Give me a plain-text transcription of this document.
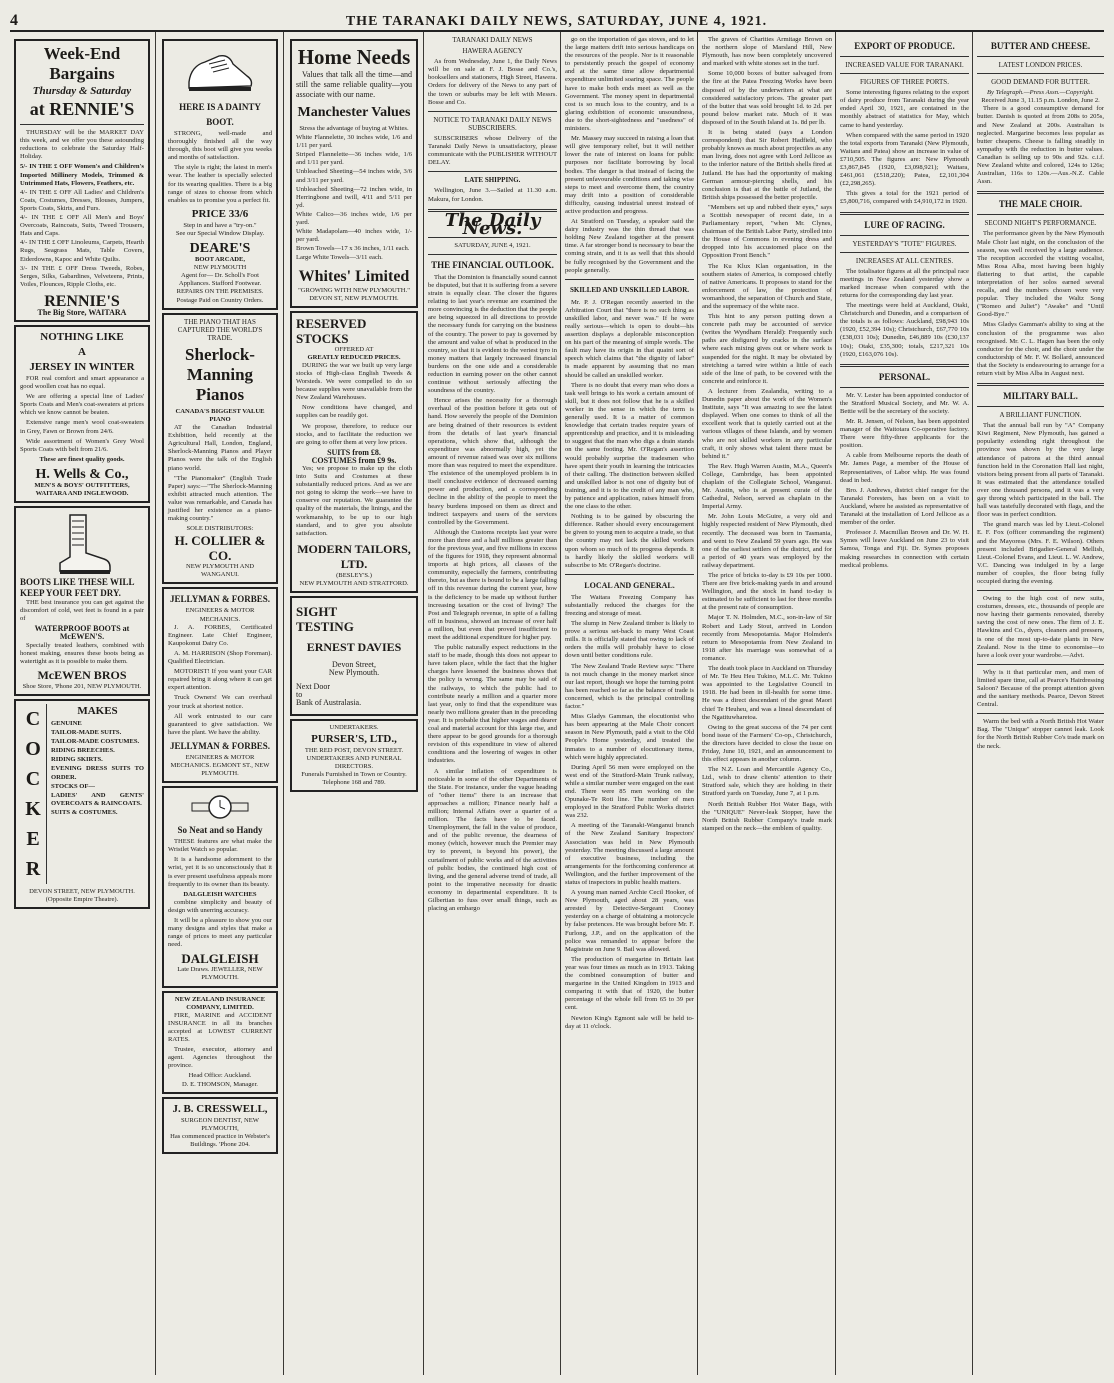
4	THE TARANAKI DAILY NEWS, SATURDAY, JUNE 4, 1921.
Week-End
Bargains
Thursday & Saturday
at RENNIE'S
THURSDAY will be the MARKET DAY this week, and we offer you these astounding reductions to celebrate the Saturday Half-Holiday.
5/- IN THE £ OFF Women's and Children's Imported Millinery Models, Trimmed & Untrimmed Hats, Flowers, Feathers, etc.
4/- IN THE £ OFF All Ladies' and Children's Coats, Costumes, Dresses, Blouses, Jumpers, Sports Coats, Skirts, and Furs.
4/- IN THE £ OFF All Men's and Boys' Overcoats, Raincoats, Suits, Tweed Trousers, Hats and Caps.
4/- IN THE £ OFF Linoleums, Carpets, Hearth Rugs, Seagrass Mats, Table Covers, Eiderdowns, Kapoc and White Quilts.
3/- IN THE £ OFF Dress Tweeds, Robes, Serges, Silks, Gabardines, Velveteens, Prints, Voiles, Flounces, Ripple Cloths, etc.
RENNIE'S
The Big Store, WAITARA
NOTHING LIKE
A
JERSEY IN WINTER
FOR real comfort and smart appearance a good woollen coat has no equal.
We are offering a special line of Ladies' Sports Coats and Men's coat-sweaters at prices which we know cannot be beaten.
Extensive range men's wool coat-sweaters in Grey, Fawn or Brown from 24/6.
Wide assortment of Women's Grey Wool Sports Coats with belt from 21/6.
These are finest quality goods.
H. Wells & Co.,
MEN'S & BOYS' OUTFITTERS, WAITARA AND INGLEWOOD.
BOOTS LIKE THESE WILL KEEP YOUR FEET DRY.
THE best insurance you can get against the discomfort of cold, wet feet is found in a pair of
WATERPROOF BOOTS at McEWEN'S.
Specially treated leathers, combined with honest making, ensures these boots being as watertight as it is possible to make them.
McEWEN BROS
Shoe Store, 'Phone 201, NEW PLYMOUTH.
C
O
C
K
E
R
MAKES
GENUINE
TAILOR-MADE SUITS.
TAILOR-MADE COSTUMES.
RIDING BREECHES.
RIDING SKIRTS.
EVENING DRESS SUITS TO ORDER.
STOCKS OF—
LADIES' AND GENTS' OVERCOATS & RAINCOATS.
SUITS & COSTUMES.
DEVON STREET, NEW PLYMOUTH. (Opposite Empire Theatre).
HERE IS A DAINTY BOOT.
STRONG, well-made and thoroughly finished all the way through, this boot will give you weeks and months of satisfaction.
The style is right; the latest in men's wear. The leather is specially selected for its wearing qualities. There is a big range of sizes to choose from which enables us to promise you a perfect fit.
PRICE 33/6
Step in and have a "try-on."
See our Special Window Display.
DEARE'S
BOOT ARCADE,
NEW PLYMOUTH
Agent for— Dr. Scholl's Foot Appliances. Stafford Footwear.
REPAIRS ON THE PREMISES. Postage Paid on Country Orders.
THE PIANO THAT HAS CAPTURED THE WORLD'S TRADE.
Sherlock-Manning Pianos
CANADA'S BIGGEST VALUE PIANO
AT the Canadian Industrial Exhibition, held recently at the Agricultural Hall, London, England, Sherlock-Manning Pianos and Player Pianos were the talk of the English piano world.
"The Pianomaker" (English Trade Paper) says:—"The Sherlock-Manning exhibit attracted much attention. The value was remarkable, and Canada has justified her existence as a piano-making country."
SOLE DISTRIBUTORS:
H. COLLIER & CO.
NEW PLYMOUTH AND WANGANUI.
JELLYMAN & FORBES.
ENGINEERS & MOTOR MECHANICS.
J. A. FORBES, Certificated Engineer. Late Chief Engineer, Kaupokonui Dairy Co.
A. M. HARRISON (Shop Foreman). Qualified Electrician.
MOTORIST! If you want your CAR repaired bring it along where it can get expert attention.
Truck Owners! We can overhaul your truck at shortest notice.
All work entrusted to our care guaranteed to give satisfaction. We have the plant. We have the ability.
JELLYMAN & FORBES.
ENGINEERS & MOTOR MECHANICS. EGMONT ST., NEW PLYMOUTH.
So Neat and so Handy
THESE features are what make the Wristlet Watch so popular.
It is a handsome adornment to the wrist, yet it is so unconsciously that it is ever present usefulness appeals more frequently to its owner than its beauty.
DALGLEISH WATCHES
combine simplicity and beauty of design with unerring accuracy.
It will be a pleasure to show you our many designs and styles that make a range of prices to meet any particular need.
DALGLEISH
Late Draws. JEWELLER, NEW PLYMOUTH.
NEW ZEALAND INSURANCE COMPANY, LIMITED.
FIRE, MARINE and ACCIDENT INSURANCE in all its branches accepted at LOWEST CURRENT RATES.
Trustee, executor, attorney and agent. Agencies throughout the province.
Head Office: Auckland.
D. E. THOMSON, Manager.
J. B. CRESSWELL,
SURGEON DENTIST, NEW PLYMOUTH,
Has commenced practice in Webster's Buildings. 'Phone 204.
Home Needs
Values that talk all the time—and still the same reliable quality—you associate with our name.
Manchester Values
Stress the advantage of buying at Whites.
White Flannelette, 30 inches wide, 1/6 and 1/11 per yard.
Striped Flannelette—36 inches wide, 1/6 and 1/11 per yard.
Unbleached Sheeting—54 inches wide, 3/6 and 3/11 per yard.
Unbleached Sheeting—72 inches wide, in Herringbone and twill, 4/11 and 5/11 per yd.
White Calico—36 inches wide, 1/6 per yard.
White Madapolam—40 inches wide, 1/- per yard.
Brown Towels—17 x 36 inches, 1/11 each.
Large White Towels—3/11 each.
Whites' Limited
"GROWING WITH NEW PLYMOUTH."
DEVON ST, NEW PLYMOUTH.
RESERVED
STOCKS
OFFERED AT
GREATLY REDUCED PRICES.
DURING the war we built up very large stocks of High-class English Tweeds & Worsteds. We were compelled to do so because supplies were unavailable from the New Zealand Warehouses.
Now conditions have changed, and supplies can be readily got.
We propose, therefore, to reduce our stocks, and to facilitate the reduction we are going to offer them at very low prices.
SUITS from £8.
COSTUMES from £9 9s.
Yes; we propose to make up the cloth into Suits and Costumes at these substantially reduced prices. And as we are not going to skimp the work—we have to conserve our reputation. We guarantee the quality of the materials, the linings, and the workmanship, to be up to our high standard, and to give you absolute satisfaction.
MODERN TAILORS, LTD.
(BESLEY'S.)
NEW PLYMOUTH AND STRATFORD.
SIGHT
TESTING
ERNEST DAVIES
Devon Street,
New Plymouth.
Next Door
to
Bank of Australasia.
UNDERTAKERS.
PURSER'S, LTD.,
THE RED POST, DEVON STREET.
UNDERTAKERS AND FUNERAL DIRECTORS.
Funerals Furnished in Town or Country. Telephone 168 and 789.
TARANAKI DAILY NEWS
HAWERA AGENCY
As from Wednesday, June 1, the Daily News will be on sale at F. J. Bosse and Co.'s, booksellers and stationers, High Street, Hawera. Orders for delivery of the News to any part of the town or suburbs may be left with Messrs. Bosse and Co.
NOTICE TO TARANAKI DAILY NEWS SUBSCRIBERS.
SUBSCRIBERS whose Delivery of the Taranaki Daily News is unsatisfactory, please communicate with the PUBLISHER WITHOUT DELAY.
LATE SHIPPING.
Wellington, June 3.—Sailed at 11.30 a.m. Makura, for London.
The Daily News.
SATURDAY, JUNE 4, 1921.
THE FINANCIAL OUTLOOK.
That the Dominion is financially sound cannot be disputed, but that it is suffering from a severe strain is equally clear. The closer the figures relating to last year's revenue are examined the more convincing is the deduction that the people are being squeezed in all directions to provide the necessary funds for carrying on the business of the country. The power to pay is governed by the amount and value of what is produced in the country, so that it is evident to the veriest tyro in money matters that largely increased financial burdens on the one side and a considerable reduction in earning power on the other cannot continue without seriously affecting the soundness of the country.
Hence arises the necessity for a thorough overhaul of the position before it gets out of hand. How severely the people of the Dominion are being drained of their resources is evident from the details of last year's financial operations, which show that, although the expenditure was abnormally high, yet the amount of revenue raised was over six millions more than was required to meet the expenditure. The existence of the unemployed problem is in itself conclusive evidence of decreased earning power and production, and a corresponding decline in the ability of the people to meet the heavy burdens imposed on them as direct and indirect taxpayers and users of the services controlled by the Government.
Although the Customs receipts last year were more than three and a half millions greater than for the previous year, and five millions in excess of the figures for 1918, they represent abnormal imports at high prices, all classes of the community, especially the farmers, contributing thereto, but as there is bound to be a large falling off in this revenue during the current year, how is the deficiency to be made up without further increasing taxation or the cost of living? The Post and Telegraph revenue, in spite of a falling off in business, showed an increase of over half a million, but even that proved insufficient to meet the additional expenditure for higher pay.
The public naturally expect reductions in the staff to be made, though this does not appear to have taken place, while the fact that the higher charges have lessened the business shows that the policy is wrong. The same may be said of the railways, to which the public had to contribute nearly a million and a quarter more last year, only to find that the expenditure was nearly two millions greater than in the preceding year. It is probable that higher wages and dearer coal and material account for this large rise, and there appear to be good grounds for a thorough revision of this expenditure in view of altered conditions and the lowering of wages in other industries.
A similar inflation of expenditure is noticeable in some of the other Departments of the State. For instance, under the vague heading of "other items" there is an increase that approaches a million; Finance nearly half a million; Internal Affairs over a quarter of a million. The facts have to be faced. Unemployment, the fall in the value of produce, and of the public revenue, the dearness of money (which, however much the Premier may try to prevent, is beyond his power), the curtailment of public works and of the activities of public bodies, the continued high cost of living, and the general adverse trend of trade, all point to the imperative necessity for drastic economy in departmental expenditure. It is Gilbertian to fuss over small things, such as placing an embargo
go on the importation of gas stoves, and to let the large matters drift into serious handicaps on the resources of the people. Nor is it reasonable to persistently preach the gospel of economy and at the same time allow departmental expenditure unlimited soaring space. The people have to make both ends meet as well as the Government. The money spent in departmental cost is so much loss to the country, and is a glaring exhibition of economic unsoundness, due to the short-sightedness and "usedness" of ministers.
Mr. Massey may succeed in raising a loan that will give temporary relief, but it will neither lower the rate of interest on loans for public purposes nor facilitate borrowing by local bodies. The danger is that instead of facing the present unfavourable conditions and taking wise steps to meet and overcome them, the country may drift into a position of considerable difficulty, causing industrial unrest instead of active production and progress.
At Stratford on Tuesday, a speaker said the dairy industry was the thin thread that was holding New Zealand together at the present time. A far stronger bond is necessary to bear the coming strain, and it is as well that this should be fully recognised by the Government and the people generally.
SKILLED AND UNSKILLED LABOR.
Mr. P. J. O'Regan recently asserted in the Arbitration Court that "there is no such thing as unskilled labor, and never was." If he were really serious—which is open to doubt—his assertion displays a deplorable misconception on his part of the meaning of simple words. The fault may have its origin in that quaint sort of speech which claims that "the dignity of labor" is made apparent by assuming that no man should be called an unskilled worker.
There is no doubt that every man who does a task well brings to his work a certain amount of skill, but it does not follow that he is a skilled worker in the sense in which the term is generally used. It is a matter of common knowledge that certain trades require years of apprenticeship and practice, and it is misleading to suggest that the man who digs a drain stands on the same footing. Mr. O'Regan's assertion would probably surprise the tradesmen who have spent their youth in learning the intricacies of their calling. The distinction between skilled and unskilled labor is not one of dignity but of training, and it is to the credit of any man who, by patience and application, raises himself from the one class to the other.
Nothing is to be gained by obscuring the difference. Rather should every encouragement be given to young men to acquire a trade, so that the country may not lack the skilled workers upon whom so much of its progress depends. It is hardly likely the skilled workers will subscribe to Mr. O'Regan's doctrine.
LOCAL AND GENERAL.
The Waitara Freezing Company has substantially reduced the charges for the freezing and storage of meat.
The slump in New Zealand timber is likely to prove a serious set-back to many West Coast mills. It is officially stated that owing to lack of orders the mills will probably have to close down until better conditions rule.
The New Zealand Trade Review says: "There is not much change in the money market since our last report, though we hope the turning point has been reached so far as the balance of trade is concerned, which is the principal controlling factor."
Miss Gladys Gamman, the elocutionist who has been appearing at the Male Choir concert season in New Plymouth, paid a visit to the Old People's Home yesterday, and treated the inmates to a number of elocutionary items, which were highly appreciated.
During April 56 men were employed on the west end of the Stratford-Main Trunk railway, while a similar number were engaged on the east end. There were 85 men working on the Opunake-Te Roti line. The number of men employed in the Stratford Public Works district was 232.
A meeting of the Taranaki-Wanganui branch of the New Zealand Sanitary Inspectors' Association was held in New Plymouth yesterday. The meeting discussed a large amount of executive business, including the arrangements for the forthcoming conference at Wellington, and the further improvement of the status of inspectors in public health matters.
A young man named Archie Cecil Hooker, of New Plymouth, aged about 28 years, was arrested by Detective-Sergeant Cooney yesterday on a charge of obtaining a motorcycle by false pretences. He was brought before Mr. F. Furlong, J.P., and on the application of the police was remanded to appear before the Magistrate on June 9. Bail was allowed.
The production of margarine in Britain last year was four times as much as in 1913. Taking the combined consumption of butter and margarine in the United Kingdom in 1913 and comparing it with that of 1920, the butter percentage of the whole fell from 65 to 39 per cent.
Newton King's Egmont sale will be held to-day at 11 o'clock.
The graves of Charities Armitage Brown on the northern slope of Marsland Hill, New Plymouth, has now been completely uncovered and marked with white stones set in the turf.
Some 10,000 boxes of butter salvaged from the fire at the Patea Freezing Works have been disposed of by the underwriters at what are considered satisfactory prices. The greater part of the butter that was sold brought 1d. to 2d. per pound below market rate. Much of it was disposed of in the South Island at 1s. 8d per lb.
It is being stated (says a London correspondent) that Sir Robert Hadfield, who probably knows as much about projectiles as any man living, does not agree with Lord Jellicoe as to the inferior nature of the British shells fired at Jutland. He has had the opportunity of making German armour-piercing shells, and his conclusion is that at the battle of Jutland, the British ships possessed the better projectile.
"Members set up and rubbed their eyes," says a Scottish newspaper of recent date, in a Parliamentary report, "when Mr. Clynes, chairman of the British Labor Party, strolled into the House of Commons in evening dress and dropped into his accustomed place on the Opposition Front Bench."
The Ku Klux Klan organisation, in the southern states of America, is composed chiefly of native Americans. It proposes to stand for the enforcement of law, the protection of womanhood, the separation of Church and State, and the supremacy of the white race.
This hint to any person putting down a concrete path may be accounted of service (writes the Wyndham Herald): Frequently such paths are disfigured by cracks in the surface where each mixing gives out or where work is suspended for the night. It may be obviated by stretching a tarred wire within a little of each side of the line of path, to be covered with the concrete and reinforce it.
A lecturer from Zealandia, writing to a Dunedin paper about the work of the Women's Institute, says "It was amazing to see the latest displayed. When one comes to think of all the excellent work that is quietly carried out at the various villages of these Islands, and by women who are not skilled workers in any particular craft, it only shows what talent there must be behind it."
The Rev. Hugh Warren Austin, M.A., Queen's College, Cambridge, has been appointed chaplain of the Collegiate School, Wanganui. Mr. Austin, who is at present curate of the Cathedral, Nelson, served as chaplain in the Imperial Army.
Mr. John Louis McGuire, a very old and highly respected resident of New Plymouth, died recently. The deceased was born in Tasmania, and went to New Zealand 59 years ago. He was one of the earliest settlers of the district, and for a period of 40 years was employed by the railway department.
The price of bricks to-day is £9 10s per 1000. There are five brick-making yards in and around Wellington, and the stock in hand to-day is estimated to be sufficient to last for three months at the present rate of consumption.
Major T. N. Holmden, M.C., son-in-law of Sir Robert and Lady Stout, arrived in London recently from Mesopotamia. Major Holmden's return to Mesopotamia from New Zealand in 1918 after his marriage was somewhat of a romance.
The death took place in Auckland on Thursday of Mr. Te Heu Heu Tukino, M.L.C. Mr. Tukino was appointed to the Legislative Council in 1918. He had been in ill-health for some time. He was a direct descendant of the great Maori chief Te Heuheu, and was a lineal descendant of the Ngatituwharetoa.
Owing to the great success of the 74 per cent bond issue of the Farmers' Co-op., Christchurch, the directors have decided to close the issue on Friday, June 10, 1921, and an announcement to this effect appears in another column.
The N.Z. Loan and Mercantile Agency Co., Ltd., wish to draw clients' attention to their Stratford sale, which they are holding in their Stratford yards on Tuesday, June 7, at 1 p.m.
North British Rubber Hot Water Bags, with the "UNIQUE" Never-leak Stopper, have the North British Rubber Company's trade mark stamped on the neck—the emblem of quality.
EXPORT OF PRODUCE.
INCREASED VALUE FOR TARANAKI.
FIGURES OF THREE PORTS.
Some interesting figures relating to the export of dairy produce from Taranaki during the year ended April 30, 1921, are contained in the monthly abstract of statistics for May, which came to hand yesterday.
When compared with the same period in 1920 the total exports from Taranaki (New Plymouth, Waitara and Patea) show an increase in value of £710,505. The figures are: New Plymouth £3,867,845 (1920, £3,098,921); Waitara, £461,061 (£518,220); Patea, £2,101,304 (£2,298,265).
This gives a total for the 1921 period of £5,800,716, compared with £4,910,172 in 1920.
LURE OF RACING.
YESTERDAY'S "TOTE" FIGURES.
INCREASES AT ALL CENTRES.
The totalisator figures at all the principal race meetings in New Zealand yesterday show a marked increase when compared with the returns for the corresponding day last year.
The meetings were held at Auckland, Otaki, Christchurch and Dunedin, and a comparison of the totals is as follows: Auckland, £98,943 10s (1920, £52,394 10s); Christchurch, £67,770 10s (£38,031 10s); Dunedin, £46,889 10s (£30,137 10s); Otaki, £35,300; totals, £217,321 10s (1920, £163,076 10s).
PERSONAL.
Mr. V. Lester has been appointed conductor of the Stratford Musical Society, and Mr. W. A. Bettie will be the secretary of the society.
Mr. R. Jensen, of Nelson, has been appointed manager of the Waitotara Co-operative factory. There were fifty-three applicants for the position.
A cable from Melbourne reports the death of Mr. James Page, a member of the House of Representatives, of Labor whip. He was found dead in bed.
Bro. J. Andrews, district chief ranger for the Taranaki Foresters, has been on a visit to Auckland, where he assisted as representative of Taranaki at the installation of Lord Jellicoe as a member of the order.
Professor J. Macmillan Brown and Dr. W. H. Symes will leave Auckland on June 23 to visit Samoa, Tonga and Fiji. Dr. Symes proposes making researches in connection with certain medical problems.
BUTTER AND CHEESE.
LATEST LONDON PRICES.
GOOD DEMAND FOR BUTTER.
By Telegraph.—Press Assn.—Copyright.
Received June 3, 11.15 p.m. London, June 2.
There is a good consumptive demand for butter. Danish is quoted at from 208s to 205s, and New Zealand at 200s. Australian is neglected. Margarine becomes less popular as butter cheapens. Cheese is falling steadily in sympathy with the reduction in butter values. Canadian is selling up to 90s and 92s. c.i.f. New Zealand white and colored, 124s to 126s; Australian, 116s to 120s.—Aus.-N.Z. Cable Assn.
THE MALE CHOIR.
SECOND NIGHT'S PERFORMANCE.
The performance given by the New Plymouth Male Choir last night, on the conclusion of the season, was well received by a large audience. The reception accorded the visiting vocalist, Miss Rosa Alba, most having been highly flattering to that artist, the capable interpretation of her solos earned several recalls, and the numbers chosen were very popular. They included the Waltz Song ("Romeo and Juliet") "Awake" and "Until Good-Bye."
Miss Gladys Gamman's ability to sing at the conclusion of the programme was also recognised. Mr. C. L. Hagen has been the only conductor for the choir, and the choir under the conductorship of Mr. F. W. Bollard, announced that the Society is endeavouring to arrange for a return visit by Miss Alba in August next.
MILITARY BALL.
A BRILLIANT FUNCTION.
That the annual ball run by "A" Company Kiwi Regiment, New Plymouth, has gained a popularity extending right throughout the province was shown by the very large attendance of patrons at the third annual function held in the Coronation Hall last night, visitors being present from all parts of Taranaki. It was estimated that the attendance totalled over one thousand persons, and it was a very gay throng which participated in the ball. The hall was tastefully decorated with flags, and the floor was in perfect condition.
The grand march was led by Lieut.-Colonel E. F. Fox (officer commanding the regiment) and the Mayoress (Mrs. F. E. Wilson). Others present included Brigadier-General Mellish, Lieut.-Colonel Evans, and Lieut. L. W. Andrew, V.C. Dancing was indulged in by a large number of couples, the floor being fully occupied during the evening.
Owing to the high cost of new suits, costumes, dresses, etc., thousands of people are now having their garments renovated, thereby saving the cost of new ones. The firm of J. E. Hawkins and Co., dyers, cleaners and pressers, is one of the most up-to-date plants in New Zealand. Now is the time to economise—to have a look over your wardrobe.—Advt.
Why is it that particular men, and men of limited spare time, call at Pearce's Hairdressing Saloon? Because of the prompt attention given and the sanitary methods. Pearce, Devon Street Central.
Warm the bed with a North British Hot Water Bag. The "Unique" stopper cannot leak. Look for the North British Rubber Co's trade mark on the neck.
